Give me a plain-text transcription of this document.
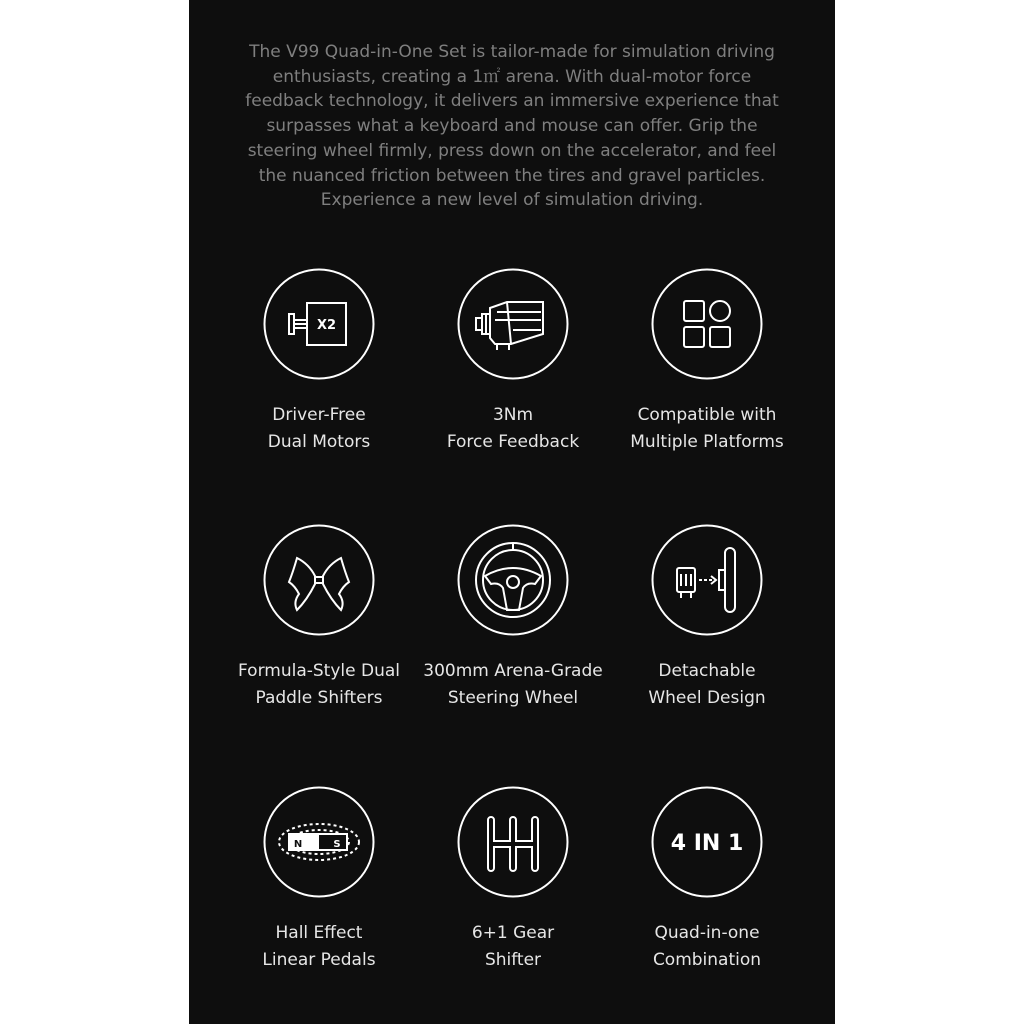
The V99 Quad-in-One Set is tailor-made for simulation driving
enthusiasts, creating a 1㎡ arena. With dual-motor force
feedback technology, it delivers an immersive experience that
surpasses what a keyboard and mouse can offer. Grip the
steering wheel firmly, press down on the accelerator, and feel
the nuanced friction between the tires and gravel particles.
Experience a new level of simulation driving.

X2
Driver-Free
Dual Motors
3Nm
Force Feedback
Compatible with
Multiple Platforms
Formula-Style Dual
Paddle Shifters
300mm Arena-Grade
Steering Wheel
Detachable
Wheel Design
N	S
Hall Effect
Linear Pedals
6+1 Gear
Shifter
4 IN 1
Quad-in-one
Combination
